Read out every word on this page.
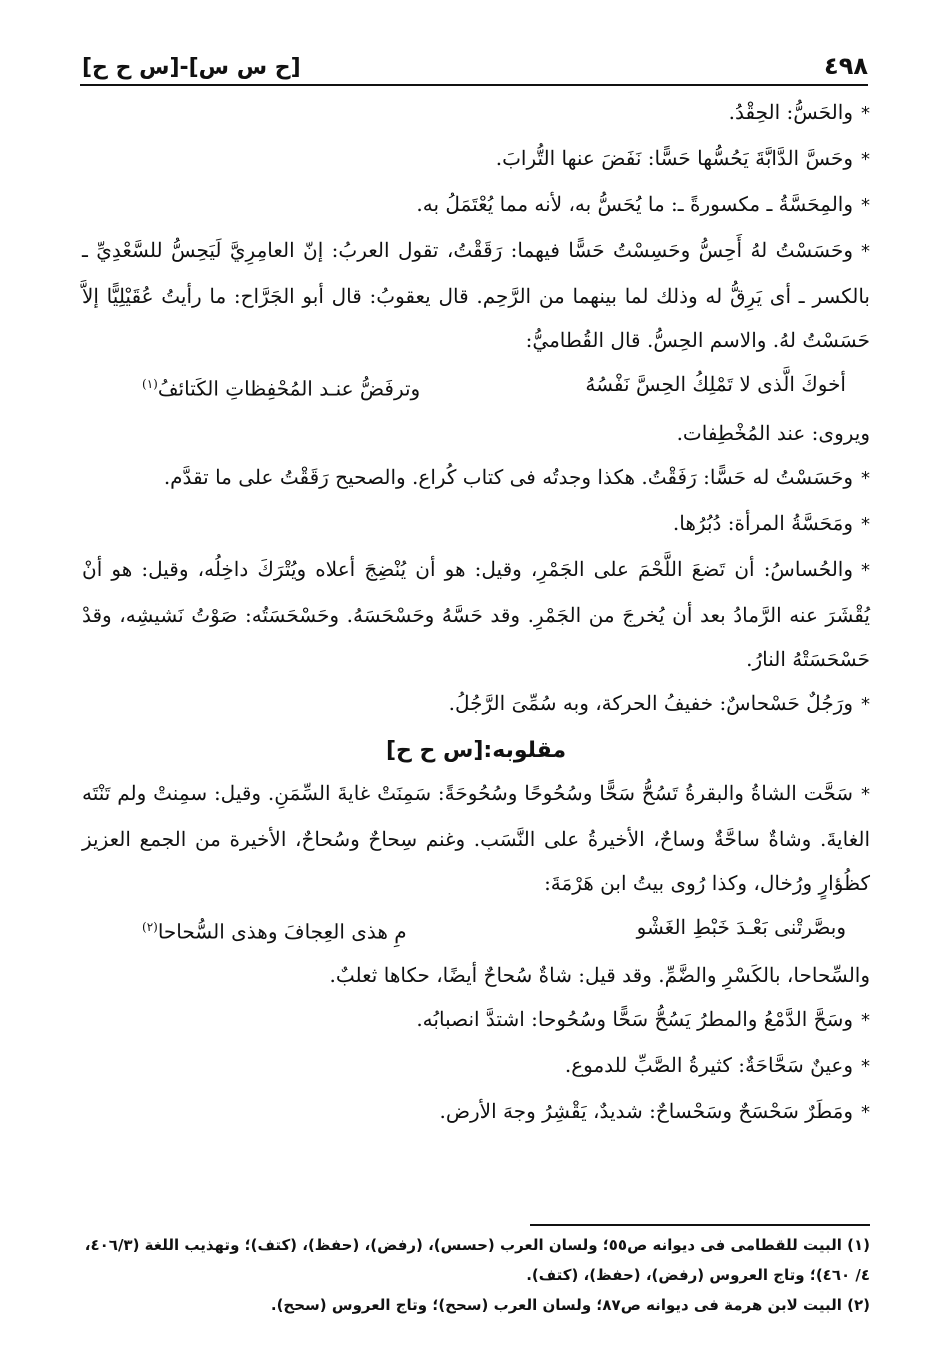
٤٩٨
[ح س س]-[س ح ح]

*والحَسُّ: الحِقْدُ.

*وحَسَّ الدَّابَّةَ يَحُسُّها حَسًّا: نَفَضَ عنها التُّرابَ.

*والمِحَسَّةُ ـ مكسورةً ـ: ما يُحَسُّ به، لأنه مما يُعْتَمَلُ به.

*وحَسَسْتُ لهُ أَحِسُّ وحَسِسْتُ حَسًّا فيهما: رَقَقْتُ، تقول العربُ: إنّ العامِرِيَّ لَيَحِسُّ للسَّعْدِيِّ ـ بالكسر ـ أى يَرِقُّ له وذلك لما بينهما من الرَّحِم. قال يعقوبُ: قال أبو الجَرَّاح: ما رأيتُ عُقَيْلِيًّا إلاَّ حَسَسْتُ لهُ. والاسم الحِسُّ. قال القُطاميُّ:

أخوكَ الَّذى لا تَمْلِكُ الحِسَّ نَفْسُهُ
وترفَضُّ عنـد المُحْفِظاتِ الكَتائفُ$^{(١)}$

ويروى: عند المُخْطِفات.

*وحَسَسْتُ له حَسًّا: رَفَقْتُ. هكذا وجدتُه فى كتاب كُراع. والصحيح رَقَقْتُ على ما تقدَّم.

*ومَحَسَّةُ المرأة: دُبُرُها.

*والحُساسُ: أن تَضعَ اللَّحْمَ على الجَمْرِ، وقيل: هو أن يُنْضِجَ أعلاه ويُتْرَكَ داخِلُه، وقيل: هو أنْ يُقْشَرَ عنه الرَّمادُ بعد أن يُخرجَ من الجَمْرِ. وقد حَسَّهُ وحَسْحَسَهُ. وحَسْحَسَتُه: صَوْتُ نَشيشِه، وقدْ حَسْحَسَتْهُ النارُ.

*ورَجُلٌ حَسْحاسٌ: خفيفُ الحركة، وبه سُمِّىَ الرَّجُلُ.

مقلوبه:[س ح ح]

*سَحَّت الشاةُ والبقرةُ تَسُحُّ سَحًّا وسُحُوحًا وسُحُوحَةً: سَمِنَتْ غايةَ السِّمَنِ. وقيل: سمِنتْ ولم تَنْتَه الغايةَ. وشاةٌ ساحَّةٌ وساحٌ، الأخيرةُ على النَّسَب. وغنم سِحاحٌ وسُحاحٌ، الأخيرة من الجمع العزيز كظُؤارٍ ورُخال، وكذا رُوى بيتُ ابن هَرْمَةَ:

وبصَّرتْنى بَعْـدَ خَبْطِ الغَشْو
مِ هذى العِجافَ وهذى السُّحاحا$^{(٢)}$

والسِّحاحا، بالكَسْرِ والضَّمِّ. وقد قيل: شاةٌ سُحاحٌ أيضًا، حكاها ثعلبٌ.

*وسَحَّ الدَّمْعُ والمطرُ يَسُحُّ سَحًّا وسُحُوحا: اشتدَّ انصبابُه.

*وعينٌ سَحَّاحَةٌ: كثيرةُ الصَّبِّ للدموع.

*ومَطَرٌ سَحْسَحٌ وسَحْساحٌ: شديدٌ، يَقْشِرُ وجهَ الأرض.

(١) البيت للقطامى فى ديوانه ص٥٥؛ ولسان العرب (حسس)، (رفض)، (حفظ)، (كتف)؛ وتهذيب اللغة (٤٠٦/٣، ٤/ ٤٦٠)؛ وتاج العروس (رفض)، (حفظ)، (كتف).

(٢) البيت لابن هرمة فى ديوانه ص٨٧؛ ولسان العرب (سحح)؛ وتاج العروس (سحح).
